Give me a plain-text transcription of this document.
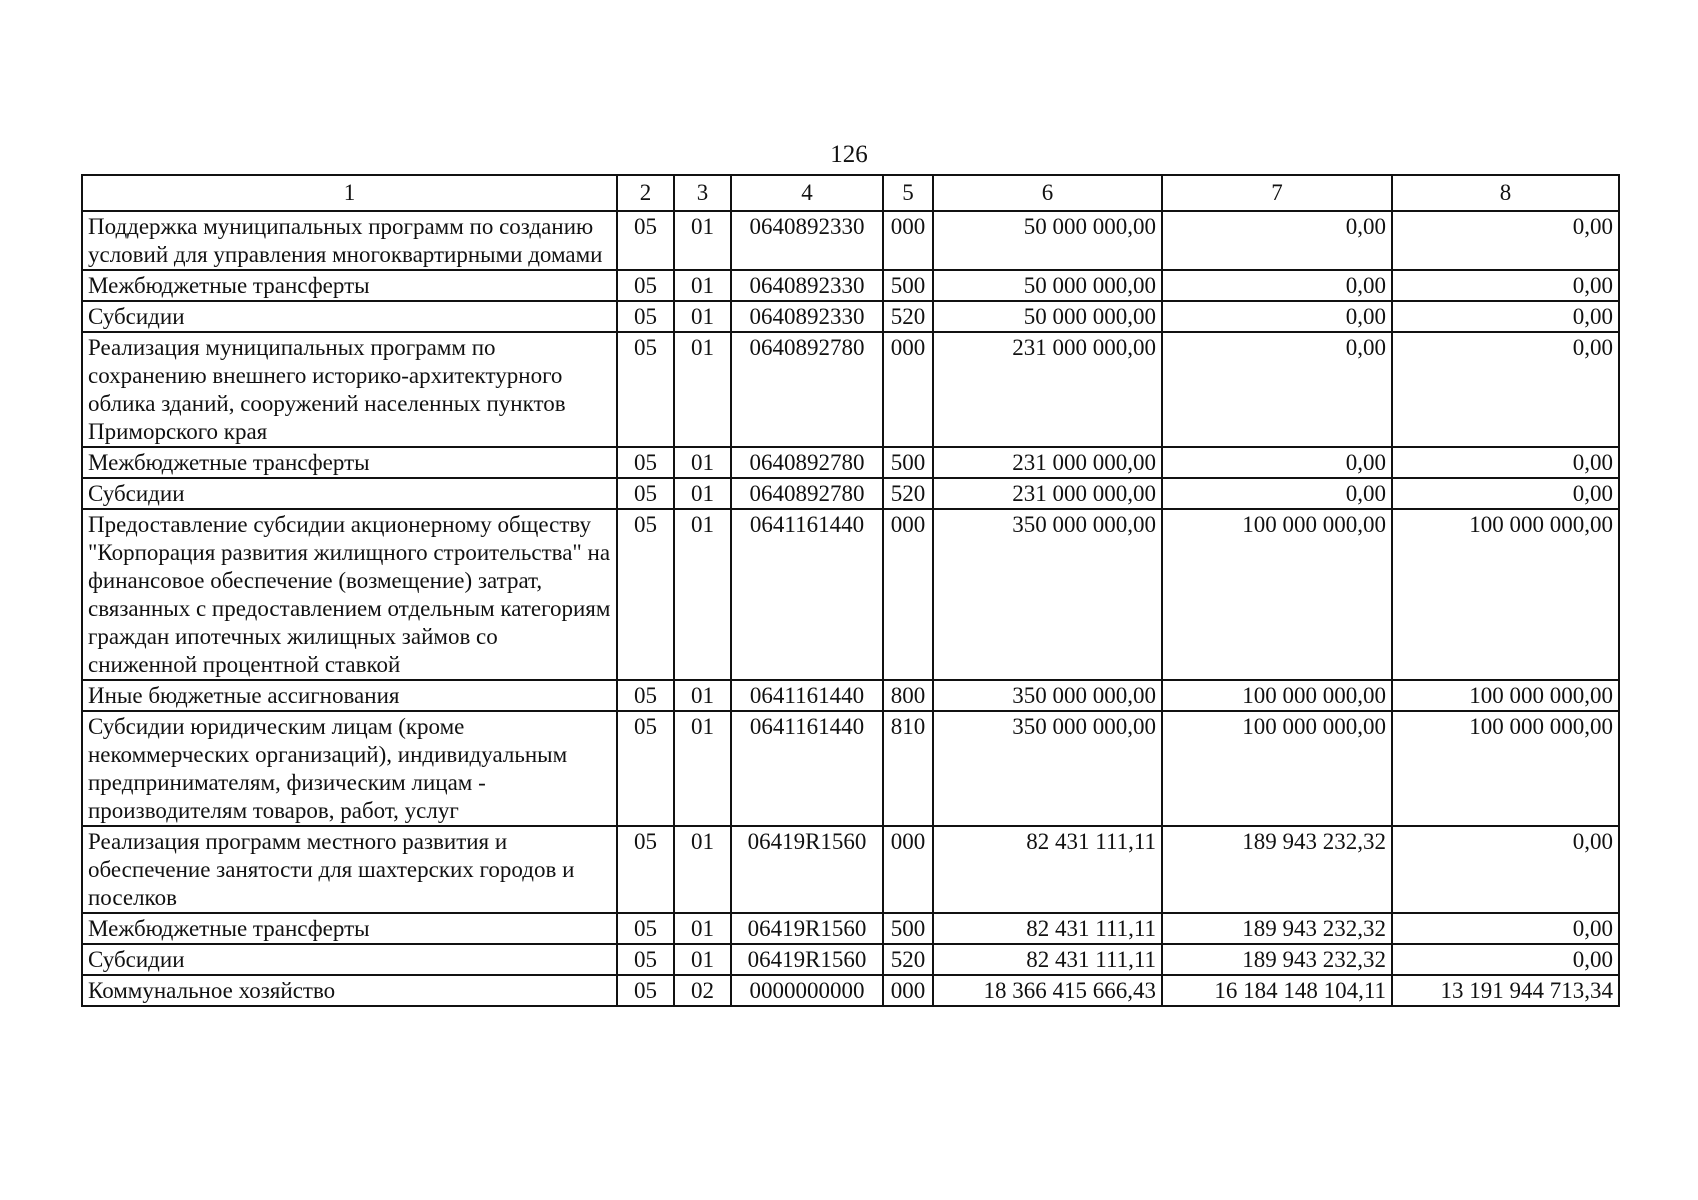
126
1	2	3	4	5	6	7	8
Поддержка муниципальных программ по созданию условий для управления многоквартирными домами	05	01	0640892330	000	50 000 000,00	0,00	0,00
Межбюджетные трансферты	05	01	0640892330	500	50 000 000,00	0,00	0,00
Субсидии	05	01	0640892330	520	50 000 000,00	0,00	0,00
Реализация муниципальных программ по сохранению внешнего историко-архитектурного облика зданий, сооружений населенных пунктов Приморского края	05	01	0640892780	000	231 000 000,00	0,00	0,00
Межбюджетные трансферты	05	01	0640892780	500	231 000 000,00	0,00	0,00
Субсидии	05	01	0640892780	520	231 000 000,00	0,00	0,00
Предоставление субсидии акционерному обществу "Корпорация развития жилищного строительства" на финансовое обеспечение (возмещение) затрат, связанных с предоставлением отдельным категориям граждан ипотечных жилищных займов со сниженной процентной ставкой	05	01	0641161440	000	350 000 000,00	100 000 000,00	100 000 000,00
Иные бюджетные ассигнования	05	01	0641161440	800	350 000 000,00	100 000 000,00	100 000 000,00
Субсидии юридическим лицам (кроме некоммерческих организаций), индивидуальным предпринимателям, физическим лицам - производителям товаров, работ, услуг	05	01	0641161440	810	350 000 000,00	100 000 000,00	100 000 000,00
Реализация программ местного развития и обеспечение занятости для шахтерских городов и поселков	05	01	06419R1560	000	82 431 111,11	189 943 232,32	0,00
Межбюджетные трансферты	05	01	06419R1560	500	82 431 111,11	189 943 232,32	0,00
Субсидии	05	01	06419R1560	520	82 431 111,11	189 943 232,32	0,00
Коммунальное хозяйство	05	02	0000000000	000	18 366 415 666,43	16 184 148 104,11	13 191 944 713,34
